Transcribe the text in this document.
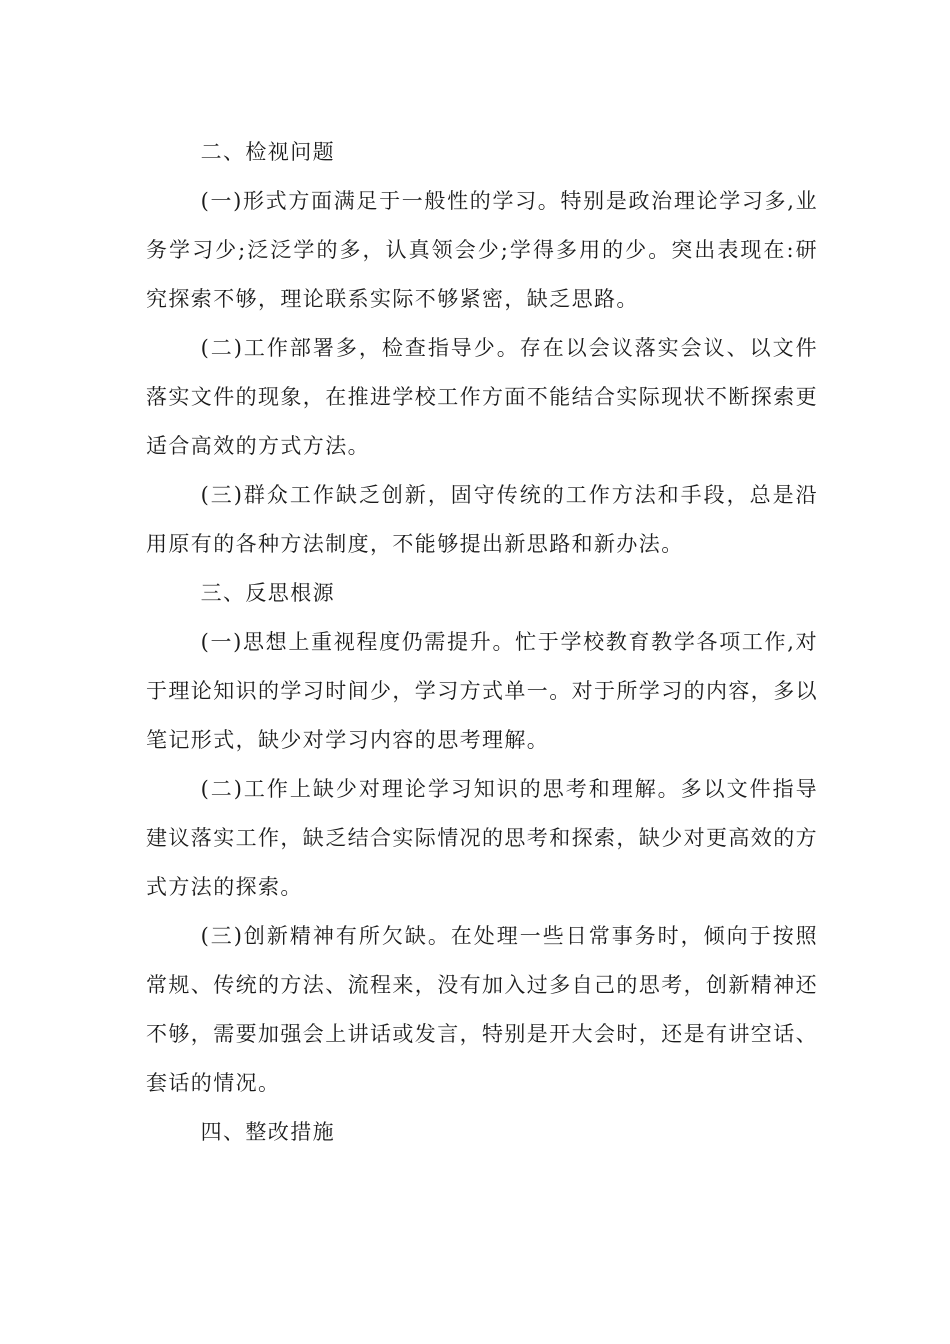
二、检视问题

(一)形式方面满足于一般性的学习。特别是政治理论学习多,业务学习少;泛泛学的多，认真领会少;学得多用的少。突出表现在:研究探索不够，理论联系实际不够紧密，缺乏思路。

(二)工作部署多，检查指导少。存在以会议落实会议、以文件落实文件的现象，在推进学校工作方面不能结合实际现状不断探索更适合高效的方式方法。

(三)群众工作缺乏创新，固守传统的工作方法和手段，总是沿用原有的各种方法制度，不能够提出新思路和新办法。

三、反思根源

(一)思想上重视程度仍需提升。忙于学校教育教学各项工作,对于理论知识的学习时间少，学习方式单一。对于所学习的内容，多以笔记形式，缺少对学习内容的思考理解。

(二)工作上缺少对理论学习知识的思考和理解。多以文件指导建议落实工作，缺乏结合实际情况的思考和探索，缺少对更高效的方式方法的探索。

(三)创新精神有所欠缺。在处理一些日常事务时，倾向于按照常规、传统的方法、流程来，没有加入过多自己的思考，创新精神还不够，需要加强会上讲话或发言，特别是开大会时，还是有讲空话、套话的情况。

四、整改措施
